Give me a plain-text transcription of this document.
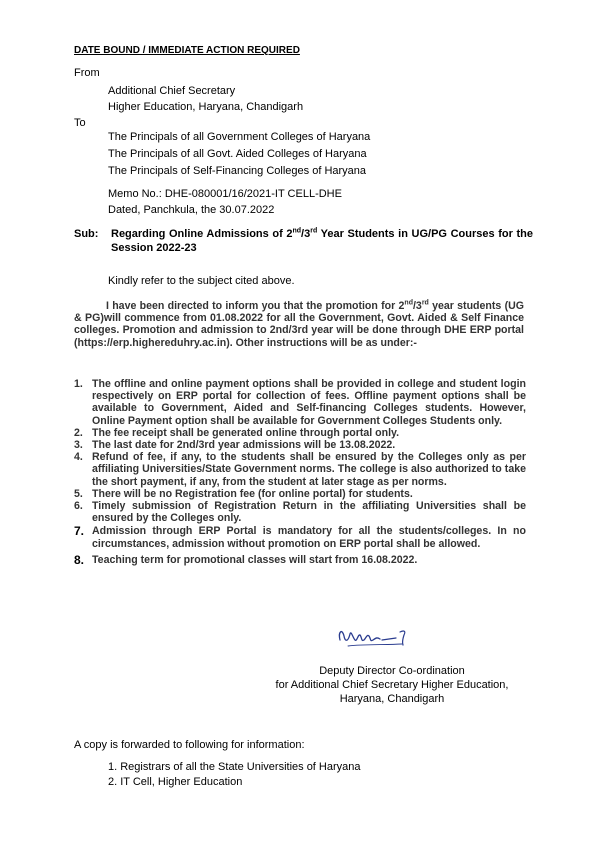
DATE BOUND / IMMEDIATE ACTION REQUIRED
From
Additional Chief Secretary
Higher Education, Haryana, Chandigarh
To
The Principals of all Government Colleges of Haryana
The Principals of all Govt. Aided Colleges of Haryana
The Principals of Self-Financing Colleges of Haryana
Memo No.: DHE-080001/16/2021-IT CELL-DHE
Dated, Panchkula, the 30.07.2022
Sub: Regarding Online Admissions of 2nd/3rd Year Students in UG/PG Courses for the Session 2022-23
Kindly refer to the subject cited above.
I have been directed to inform you that the promotion for 2nd/3rd year students (UG & PG)will commence from 01.08.2022 for all the Government, Govt. Aided & Self Finance colleges. Promotion and admission to 2nd/3rd year will be done through DHE ERP portal (https://erp.highereduhry.ac.in). Other instructions will be as under:-
1. The offline and online payment options shall be provided in college and student login respectively on ERP portal for collection of fees. Offline payment options shall be available to Government, Aided and Self-financing Colleges students. However, Online Payment option shall be available for Government Colleges Students only.
2. The fee receipt shall be generated online through portal only.
3. The last date for 2nd/3rd year admissions will be 13.08.2022.
4. Refund of fee, if any, to the students shall be ensured by the Colleges only as per affiliating Universities/State Government norms. The college is also authorized to take the short payment, if any, from the student at later stage as per norms.
5. There will be no Registration fee (for online portal) for students.
6. Timely submission of Registration Return in the affiliating Universities shall be ensured by the Colleges only.
7. Admission through ERP Portal is mandatory for all the students/colleges. In no circumstances, admission without promotion on ERP portal shall be allowed.
8. Teaching term for promotional classes will start from 16.08.2022.
Deputy Director Co-ordination
for Additional Chief Secretary Higher Education,
Haryana, Chandigarh
A copy is forwarded to following for information:
1. Registrars of all the State Universities of Haryana
2. IT Cell, Higher Education
